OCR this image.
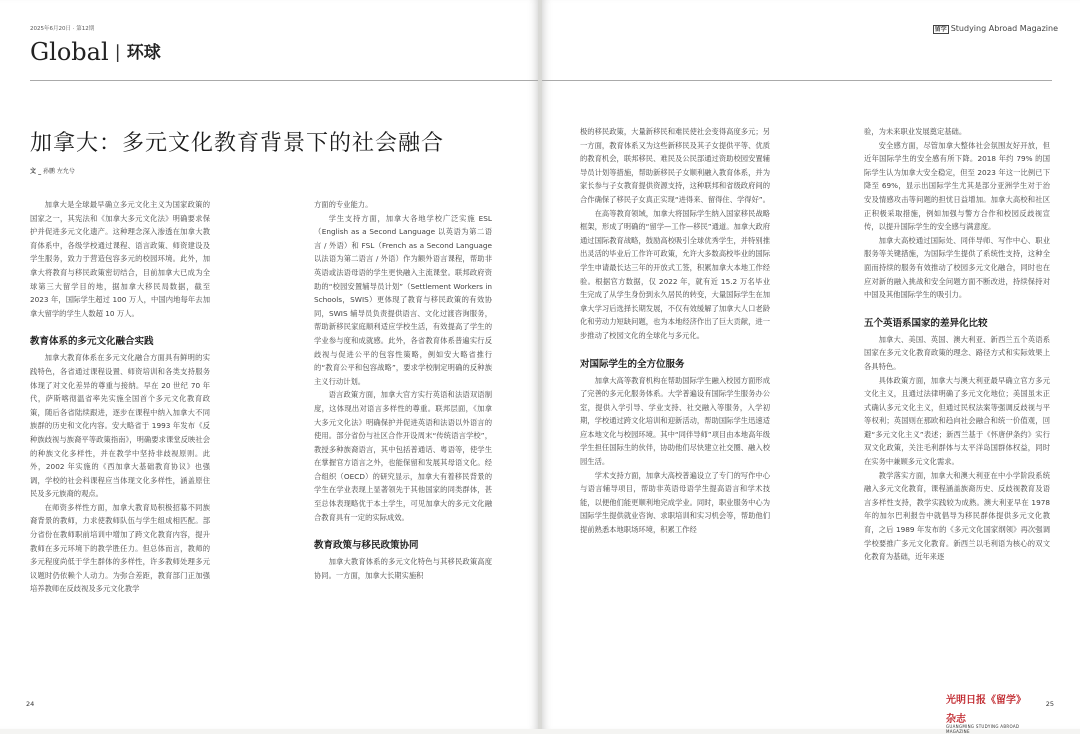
2025年6月20日 · 第12期	留学 Studying Abroad Magazine
Global | 环球
加拿大：多元文化教育背景下的社会融合
文 _ 孙鹏 左允兮

加拿大是全球最早确立多元文化主义为国家政策的国家之一，其宪法和《加拿大多元文化法》明确要求保护并促进多元文化遗产。这种理念深入渗透在加拿大教育体系中，各级学校通过课程、语言政策、师资建设及学生服务，致力于营造包容多元的校园环境。此外，加拿大将教育与移民政策密切结合，目前加拿大已成为全球第三大留学目的地，据加拿大移民局数据，截至 2023 年，国际学生超过 100 万人，中国内地每年去加拿大留学的学生人数超 10 万人。

教育体系的多元文化融合实践

加拿大教育体系在多元文化融合方面具有鲜明的实践特色，各省通过课程设置、师资培训和各类支持服务体现了对文化差异的尊重与接纳。早在 20 世纪 70 年代，萨斯喀彻温省率先实施全国首个多元文化教育政策，随后各省陆续跟进，逐步在课程中纳入加拿大不同族群的历史和文化内容。安大略省于 1993 年发布《反种族歧视与族裔平等政策指南》，明确要求课堂反映社会的种族文化多样性，并在教学中坚持非歧视原则。此外，2002 年实施的《西加拿大基础教育协议》也强调，学校的社会科课程应当体现文化多样性，涵盖原住民及多元族裔的观点。

在师资多样性方面，加拿大教育局积极招募不同族裔背景的教师，力求使教师队伍与学生组成相匹配。部分省份在教师职前培训中增加了跨文化教育内容，提升教师在多元环境下的教学胜任力。但总体而言，教师的多元程度尚低于学生群体的多样性，许多教师处理多元议题时仍依赖个人动力。为弥合差距，教育部门正加强培养教师在反歧视及多元文化教学

方面的专业能力。

学生支持方面，加拿大各地学校广泛实施 ESL（English as a Second Language 以英语为第二语言 / 外语）和 FSL（French as a Second Language 以法语为第二语言 / 外语）作为额外语言课程，帮助非英语或法语母语的学生更快融入主流课堂。联邦政府资助的“校园安置辅导员计划”（Settlement Workers in Schools，SWIS）更体现了教育与移民政策的有效协同，SWIS 辅导员负责提供语言、文化过渡咨询服务，帮助新移民家庭顺利适应学校生活，有效提高了学生的学业参与度和成就感。此外，各省教育体系普遍实行反歧视与促进公平的包容性策略，例如安大略省推行的“教育公平和包容战略”，要求学校制定明确的反种族主义行动计划。

语言政策方面，加拿大官方实行英语和法语双语制度，这体现出对语言多样性的尊重。联邦层面，《加拿大多元文化法》明确保护并促进英语和法语以外语言的使用。部分省份与社区合作开设周末“传统语言学校”，教授多种族裔语言，其中包括普通话、粤语等，使学生在掌握官方语言之外，也能保留和发展其母语文化。经合组织（OECD）的研究显示，加拿大有着移民背景的学生在学业表现上显著领先于其他国家的同类群体，甚至总体表现略优于本土学生，可见加拿大的多元文化融合教育具有一定的实际成效。

教育政策与移民政策协同

加拿大教育体系的多元文化特色与其移民政策高度协同。一方面，加拿大长期实施积

极的移民政策，大量新移民和难民使社会变得高度多元；另一方面，教育体系又为这些新移民及其子女提供平等、优质的教育机会，联邦移民、难民及公民部通过资助校园安置辅导员计划等措施，帮助新移民子女顺利融入教育体系，并为家长参与子女教育提供资源支持，这种联邦和省级政府间的合作确保了移民子女真正实现“进得来、留得住、学得好”。

在高等教育领域，加拿大将国际学生纳入国家移民战略框架，形成了明确的“留学—工作—移民”通道。加拿大政府通过国际教育战略，鼓励高校吸引全球优秀学生，并特别推出灵活的毕业后工作许可政策，允许大多数高校毕业的国际学生申请最长达三年的开放式工签，积累加拿大本地工作经验。根据官方数据，仅 2022 年，就有近 15.2 万名毕业生完成了从学生身份到永久居民的转变，大量国际学生在加拿大学习后选择长期发展，不仅有效缓解了加拿大人口老龄化和劳动力短缺问题，也为本地经济作出了巨大贡献，进一步推动了校园文化的全球化与多元化。

对国际学生的全方位服务

加拿大高等教育机构在帮助国际学生融入校园方面形成了完善的多元化服务体系。大学普遍设有国际学生服务办公室，提供入学引导、学业支持、社交融入等服务，入学初期，学校通过跨文化培训和迎新活动，帮助国际学生迅速适应本地文化与校园环境。其中“同伴导师”项目由本地高年级学生担任国际生的伙伴，协助他们尽快建立社交圈、融入校园生活。

学术支持方面，加拿大高校普遍设立了专门的写作中心与语言辅导项目，帮助非英语母语学生提高语言和学术技能，以便他们能更顺利地完成学业。同时，职业服务中心为国际学生提供就业咨询、求职培训和实习机会等，帮助他们提前熟悉本地职场环境，积累工作经

验，为未来职业发展奠定基础。

安全感方面，尽管加拿大整体社会氛围友好开放，但近年国际学生的安全感有所下降。2018 年约 79% 的国际学生认为加拿大安全稳定，但至 2023 年这一比例已下降至 69%，显示出国际学生尤其是部分亚洲学生对于治安及情感攻击等问题的担忧日益增加。加拿大高校和社区正积极采取措施，例如加强与警方合作和校园反歧视宣传，以提升国际学生的安全感与满意度。

加拿大高校通过国际处、同伴导师、写作中心、职业服务等关键措施，为国际学生提供了系统性支持，这种全面而持续的服务有效推动了校园多元文化融合，同时也在应对新的融入挑战和安全问题方面不断改进，持续保持对中国及其他国际学生的吸引力。

五个英语系国家的差异化比较

加拿大、美国、英国、澳大利亚、新西兰五个英语系国家在多元文化教育政策的理念、路径方式和实际效果上各具特色。

具体政策方面，加拿大与澳大利亚最早确立官方多元文化主义，且通过法律明确了多元文化地位；美国虽未正式确认多元文化主义，但通过民权法案等强调反歧视与平等权利；英国则在那欧和趋向社会融合和统一价值观，回避“多元文化主义”表述；新西兰基于《怀唐伊条约》实行双文化政策，关注毛利群体与太平洋岛国群体权益，同时在实务中兼顾多元文化需求。

教学落实方面，加拿大和澳大利亚在中小学阶段系统融入多元文化教育，课程涵盖族裔历史、反歧视教育及语言多样性支持，教学实践较为成熟。澳大利亚早在 1978 年的加尔巴利报告中就倡导为移民群体提供多元文化教育，之后 1989 年发布的《多元文化国家纲领》再次强调学校要推广多元文化教育。新西兰以毛利语为核心的双文化教育为基础，近年来逐

24	25
光明日报《留学》杂志
GUANGMING STUDYING ABROAD MAGAZINE
